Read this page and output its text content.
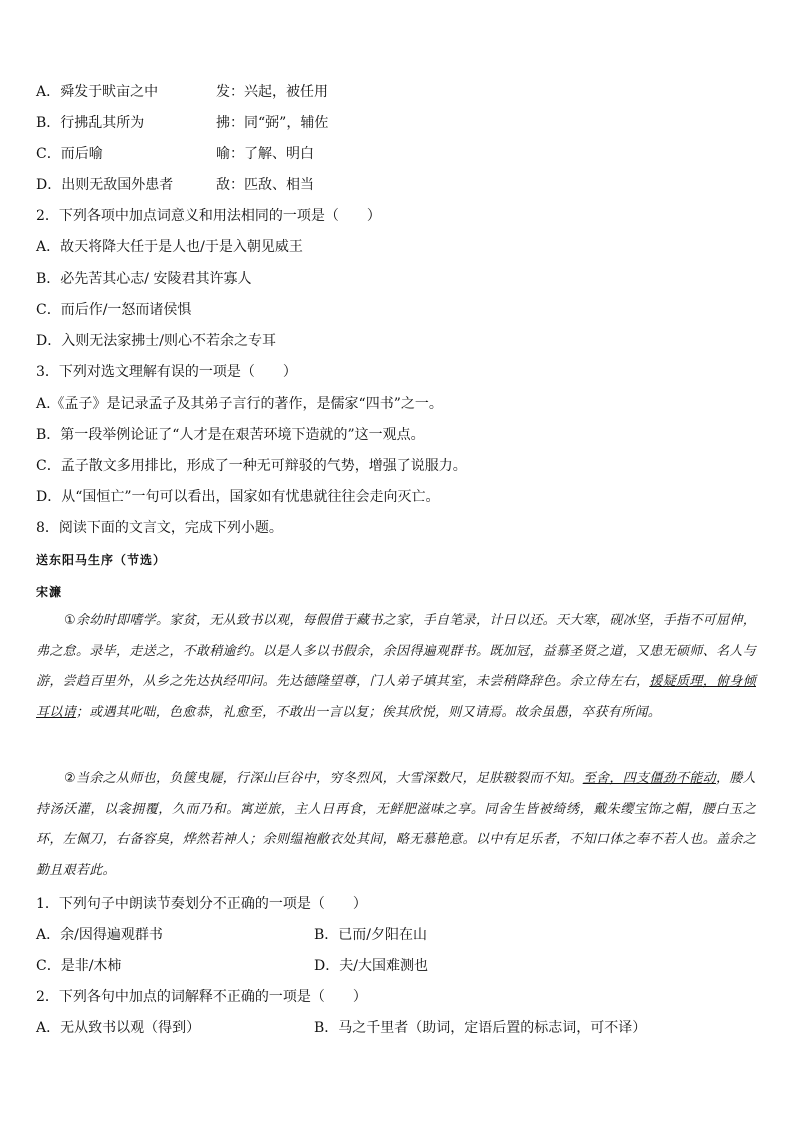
A．舜发于畎亩之中	发：兴起，被任用
B．行拂乱其所为	拂：同“弼”，辅佐
C．而后喻	喻：了解、明白
D．出则无敌国外患者	敌：匹敌、相当
2．下列各项中加点词意义和用法相同的一项是（　　）
A．故天将降大任于是人也/于是入朝见威王
B．必先苦其心志/ 安陵君其许寡人
C．而后作/一怒而诸侯惧
D．入则无法家拂士/则心不若余之专耳
3．下列对选文理解有误的一项是（　　）
A.《孟子》是记录孟子及其弟子言行的著作，是儒家“四书”之一。
B．第一段举例论证了“人才是在艰苦环境下造就的”这一观点。
C．孟子散文多用排比，形成了一种无可辩驳的气势，增强了说服力。
D．从“国恒亡”一句可以看出，国家如有忧患就往往会走向灭亡。
8．阅读下面的文言文，完成下列小题。
送东阳马生序（节选）
宋濂
①余幼时即嗜学。家贫，无从致书以观，每假借于藏书之家，手自笔录，计日以还。天大寒，砚冰坚，手指不可屈伸，弗之怠。录毕，走送之，不敢稍逾约。以是人多以书假余，余因得遍观群书。既加冠，益慕圣贤之道，又患无硕师、名人与游，尝趋百里外，从乡之先达执经叩问。先达德隆望尊，门人弟子填其室，未尝稍降辞色。余立侍左右，援疑质理，俯身倾耳以请；或遇其叱咄，色愈恭，礼愈至，不敢出一言以复；俟其欣悦，则又请焉。故余虽愚，卒获有所闻。
②当余之从师也，负箧曳屣，行深山巨谷中，穷冬烈风，大雪深数尺，足肤皲裂而不知。至舍，四支僵劲不能动，媵人持汤沃灌，以衾拥覆，久而乃和。寓逆旅，主人日再食，无鲜肥滋味之享。同舍生皆被绮绣，戴朱缨宝饰之帽，腰白玉之环，左佩刀，右备容臭，烨然若神人；余则缊袍敝衣处其间，略无慕艳意。以中有足乐者，不知口体之奉不若人也。盖余之勤且艰若此。
1．下列句子中朗读节奏划分不正确的一项是（　　）
A．余/因得遍观群书	B．已而/夕阳在山
C．是非/木柿	D．夫/大国难测也
2．下列各句中加点的词解释不正确的一项是（　　）
A．无从致书以观（得到）	B．马之千里者（助词，定语后置的标志词，可不译）
